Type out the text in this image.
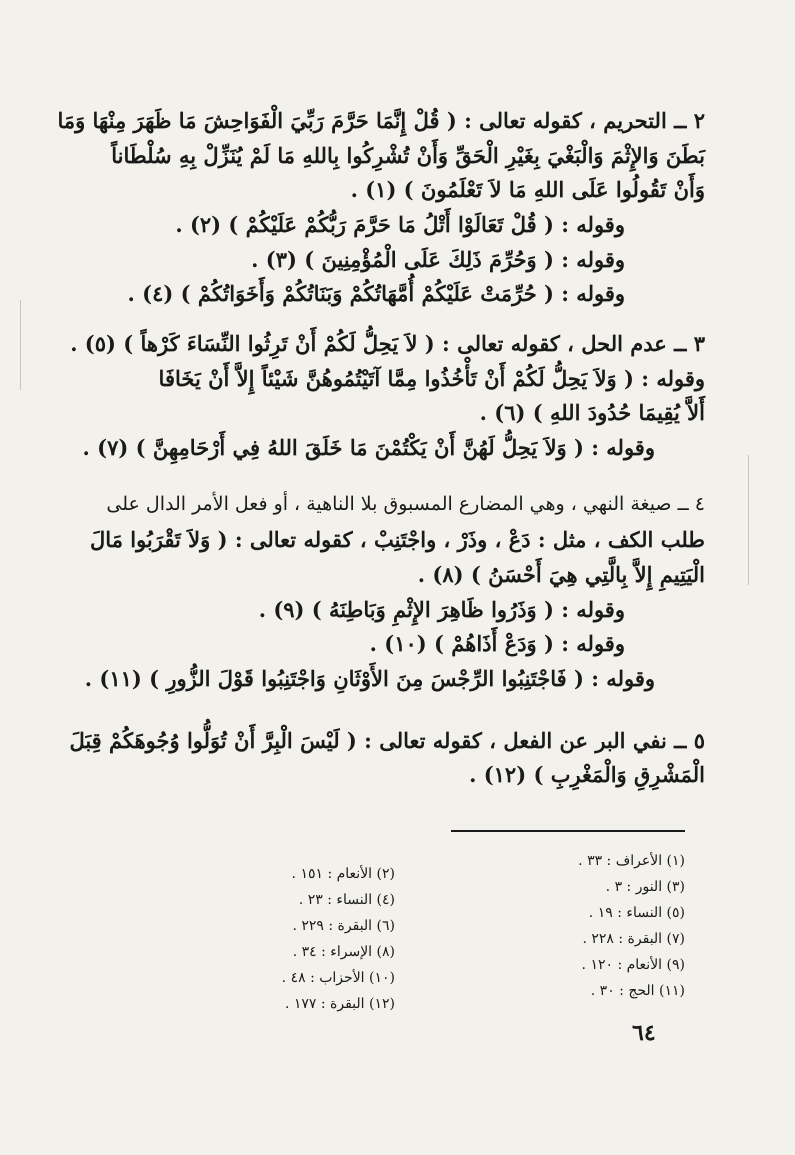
٢ ــ التحريم ، كقوله تعالى : ( قُلْ إِنَّمَا حَرَّمَ رَبِّيَ الْفَوَاحِشَ مَا ظَهَرَ مِنْهَا وَمَا
بَطَنَ وَالإِثْمَ وَالْبَغْيَ بِغَيْرِ الْحَقِّ وَأَنْ تُشْرِكُوا بِاللهِ مَا لَمْ يُنَزِّلْ بِهِ سُلْطَاناً
وَأَنْ تَقُولُوا عَلَى اللهِ مَا لاَ تَعْلَمُونَ ) (١) .
وقوله : ( قُلْ تَعَالَوْا أَتْلُ مَا حَرَّمَ رَبُّكُمْ عَلَيْكُمْ ) (٢) .
وقوله : ( وَحُرِّمَ ذَلِكَ عَلَى الْمُؤْمِنِينَ ) (٣) .
وقوله : ( حُرِّمَتْ عَلَيْكُمْ أُمَّهَاتُكُمْ وَبَنَاتُكُمْ وَأَخَوَاتُكُمْ ) (٤) .
٣ ــ عدم الحل ، كقوله تعالى : ( لاَ يَحِلُّ لَكُمْ أَنْ تَرِثُوا النِّسَاءَ كَرْهاً ) (٥) .
وقوله : ( وَلاَ يَحِلُّ لَكُمْ أَنْ تَأْخُذُوا مِمَّا آتَيْتُمُوهُنَّ شَيْئاً إِلاَّ أَنْ يَخَافَا
أَلاَّ يُقِيمَا حُدُودَ اللهِ ) (٦) .
وقوله : ( وَلاَ يَحِلُّ لَهُنَّ أَنْ يَكْتُمْنَ مَا خَلَقَ اللهُ فِي أَرْحَامِهِنَّ ) (٧) .
٤ ــ صيغة النهي ، وهي المضارع المسبوق بلا الناهية ، أو فعل الأمر الدال على
طلب الكف ، مثل : دَعْ ، وذَرْ ، واجْتَنِبْ ، كقوله تعالى : ( وَلاَ تَقْرَبُوا مَالَ
الْيَتِيمِ إِلاَّ بِالَّتِي هِيَ أَحْسَنُ ) (٨) .
وقوله : ( وَذَرُوا ظَاهِرَ الإِثْمِ وَبَاطِنَهُ ) (٩) .
وقوله : ( وَدَعْ أَذَاهُمْ ) (١٠) .
وقوله : ( فَاجْتَنِبُوا الرِّجْسَ مِنَ الأَوْثَانِ وَاجْتَنِبُوا قَوْلَ الزُّورِ ) (١١) .
٥ ــ نفي البر عن الفعل ، كقوله تعالى : ( لَيْسَ الْبِرَّ أَنْ تُوَلُّوا وُجُوهَكُمْ قِبَلَ
الْمَشْرِقِ وَالْمَغْرِبِ ) (١٢) .
(١) الأعراف : ٣٣ .
(٣) النور : ٣ .
(٥) النساء : ١٩ .
(٧) البقرة : ٢٢٨ .
(٩) الأنعام : ١٢٠ .
(١١) الحج : ٣٠ .
(٢) الأنعام : ١٥١ .
(٤) النساء : ٢٣ .
(٦) البقرة : ٢٢٩ .
(٨) الإسراء : ٣٤ .
(١٠) الأحزاب : ٤٨ .
(١٢) البقرة : ١٧٧ .
٦٤
